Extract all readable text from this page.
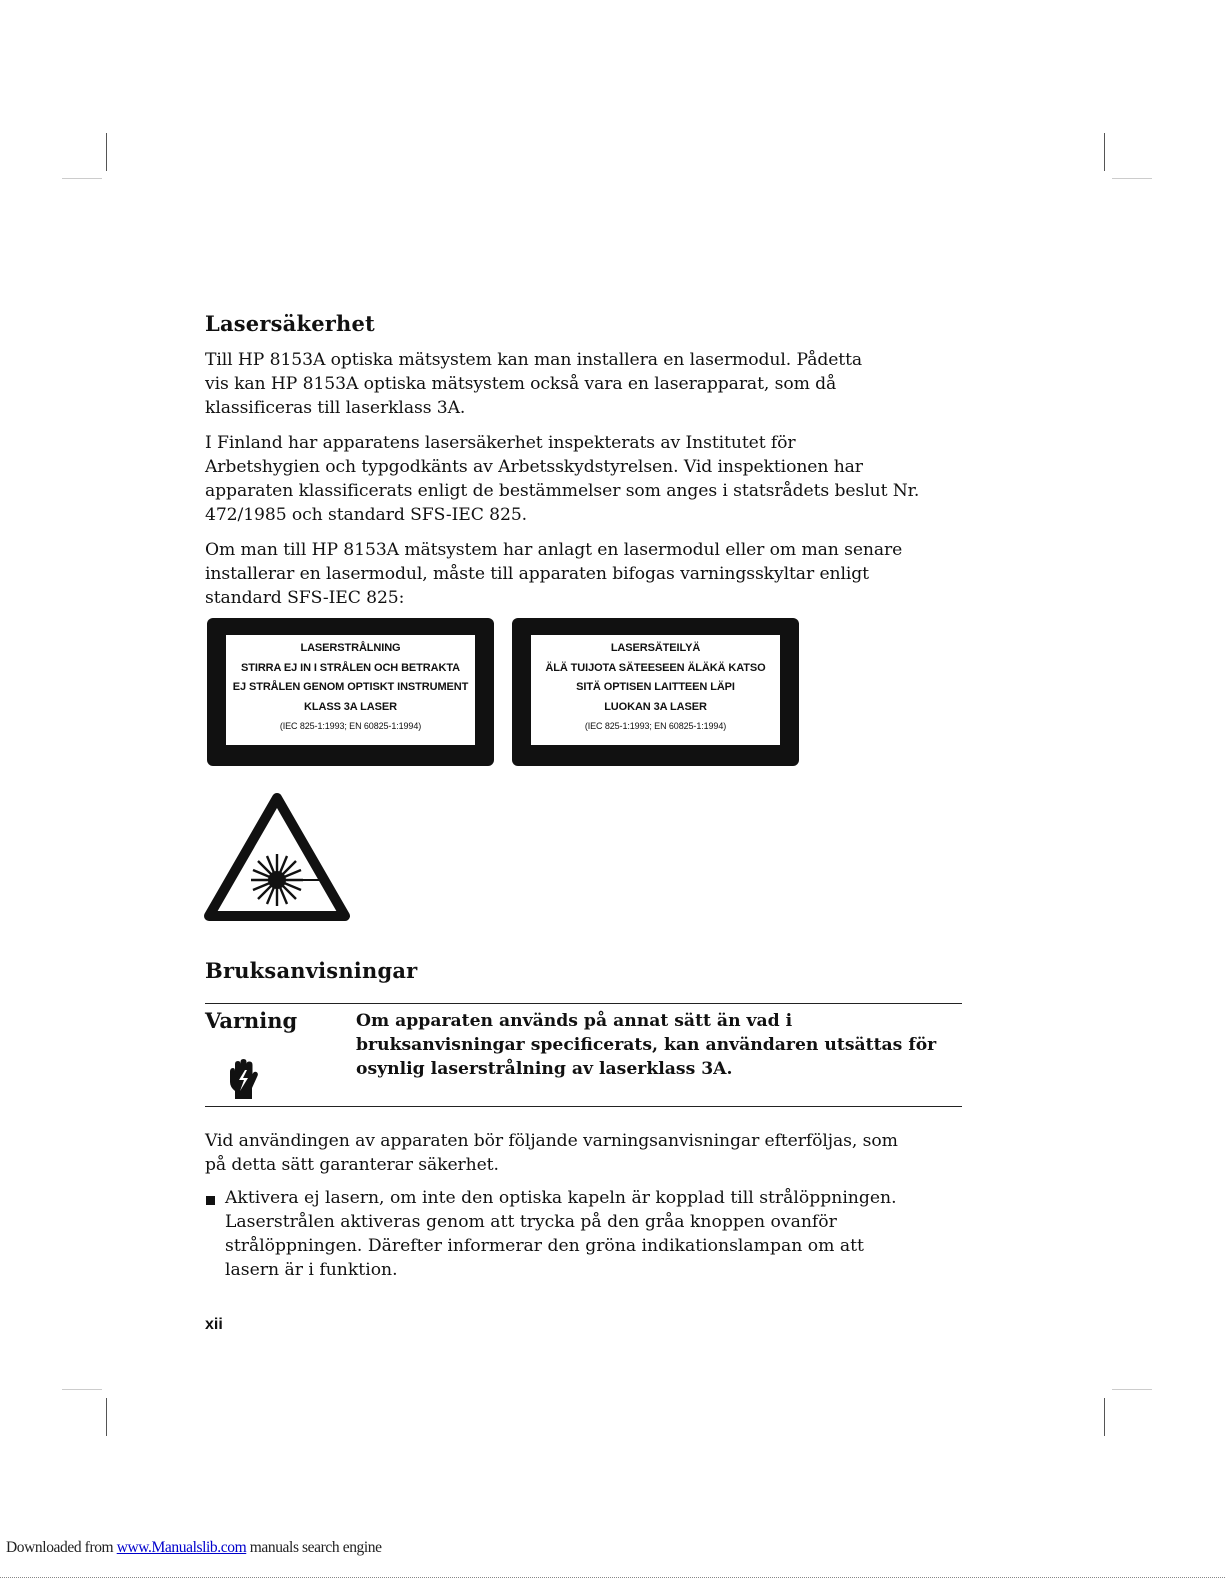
Lasersäkerhet
Till HP 8153A optiska mätsystem kan man installera en lasermodul. Pådetta
vis kan HP 8153A optiska mätsystem också vara en laserapparat, som då
klassificeras till laserklass 3A.
I Finland har apparatens lasersäkerhet inspekterats av Institutet för
Arbetshygien och typgodkänts av Arbetsskydstyrelsen. Vid inspektionen har
apparaten klassificerats enligt de bestämmelser som anges i statsrådets beslut Nr.
472/1985 och standard SFS-IEC 825.
Om man till HP 8153A mätsystem har anlagt en lasermodul eller om man senare
installerar en lasermodul, måste till apparaten bifogas varningsskyltar enligt
standard SFS-IEC 825:
LASERSTRÅLNING
STIRRA EJ IN I STRÅLEN OCH BETRAKTA
EJ STRÅLEN GENOM OPTISKT INSTRUMENT
KLASS 3A LASER
(IEC 825-1:1993; EN 60825-1:1994)
LASERSÄTEILYÄ
ÄLÄ TUIJOTA SÄTEESEEN ÄLÄKÄ KATSO
SITÄ OPTISEN LAITTEEN LÄPI
LUOKAN 3A LASER
(IEC 825-1:1993; EN 60825-1:1994)
Bruksanvisningar
Varning	Om apparaten används på annat sätt än vad i
bruksanvisningar specificerats, kan användaren utsättas för
osynlig laserstrålning av laserklass 3A.
Vid användingen av apparaten bör följande varningsanvisningar efterföljas, som
på detta sätt garanterar säkerhet.
Aktivera ej lasern, om inte den optiska kapeln är kopplad till strålöppningen.
Laserstrålen aktiveras genom att trycka på den gråa knoppen ovanför
strålöppningen. Därefter informerar den gröna indikationslampan om att
lasern är i funktion.
xii
Downloaded from www.Manualslib.com manuals search engine
